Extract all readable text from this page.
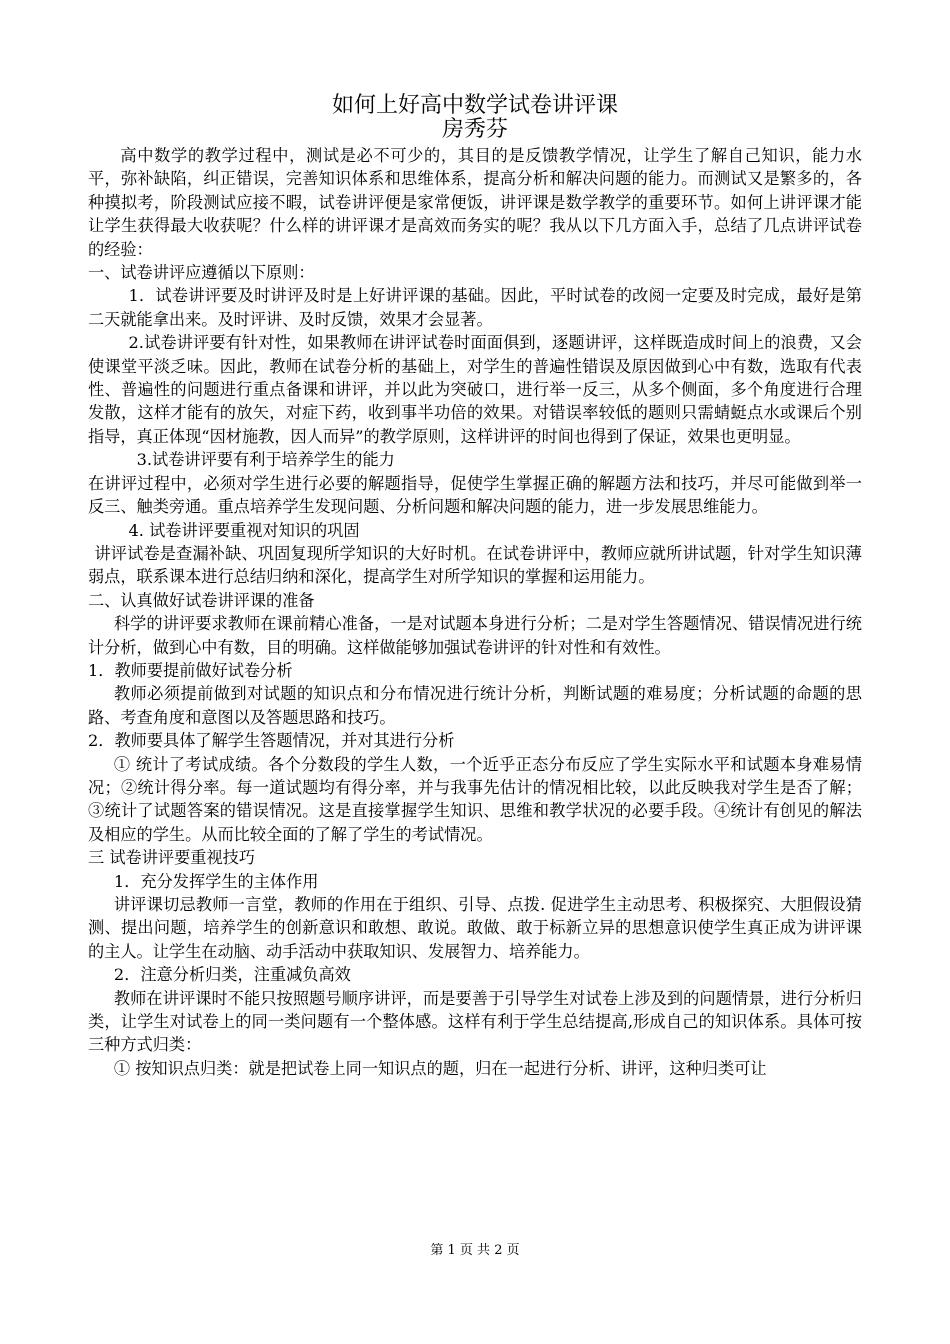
如何上好高中数学试卷讲评课
房秀芬

高中数学的教学过程中，测试是必不可少的，其目的是反馈教学情况，让学生了解自己知识，能力水平，弥补缺陷，纠正错误，完善知识体系和思维体系，提高分析和解决问题的能力。而测试又是繁多的，各种摸拟考，阶段测试应接不暇，试卷讲评便是家常便饭，讲评课是数学教学的重要环节。如何上讲评课才能让学生获得最大收获呢？什么样的讲评课才是高效而务实的呢？我从以下几方面入手，总结了几点讲评试卷的经验：

一、试卷讲评应遵循以下原则：

1．试卷讲评要及时讲评及时是上好讲评课的基础。因此，平时试卷的改阅一定要及时完成，最好是第二天就能拿出来。及时评讲、及时反馈，效果才会显著。

2.试卷讲评要有针对性，如果教师在讲评试卷时面面俱到，逐题讲评，这样既造成时间上的浪费，又会使课堂平淡乏味。因此，教师在试卷分析的基础上，对学生的普遍性错误及原因做到心中有数，选取有代表性、普遍性的问题进行重点备课和讲评，并以此为突破口，进行举一反三，从多个侧面，多个角度进行合理发散，这样才能有的放矢，对症下药，收到事半功倍的效果。对错误率较低的题则只需蜻蜓点水或课后个别指导，真正体现“因材施教，因人而异”的教学原则，这样讲评的时间也得到了保证，效果也更明显。

3.试卷讲评要有利于培养学生的能力

在讲评过程中，必须对学生进行必要的解题指导，促使学生掌握正确的解题方法和技巧，并尽可能做到举一反三、触类旁通。重点培养学生发现问题、分析问题和解决问题的能力，进一步发展思维能力。

4. 试卷讲评要重视对知识的巩固

讲评试卷是查漏补缺、巩固复现所学知识的大好时机。在试卷讲评中，教师应就所讲试题，针对学生知识薄弱点，联系课本进行总结归纳和深化，提高学生对所学知识的掌握和运用能力。

二、认真做好试卷讲评课的准备

科学的讲评要求教师在课前精心准备，一是对试题本身进行分析；二是对学生答题情况、错误情况进行统计分析，做到心中有数，目的明确。这样做能够加强试卷讲评的针对性和有效性。

1．教师要提前做好试卷分析

教师必须提前做到对试题的知识点和分布情况进行统计分析，判断试题的难易度；分析试题的命题的思路、考查角度和意图以及答题思路和技巧。

2．教师要具体了解学生答题情况，并对其进行分析

① 统计了考试成绩。各个分数段的学生人数，一个近乎正态分布反应了学生实际水平和试题本身难易情况；②统计得分率。每一道试题均有得分率，并与我事先估计的情况相比较，以此反映我对学生是否了解；③统计了试题答案的错误情况。这是直接掌握学生知识、思维和教学状况的必要手段。④统计有创见的解法及相应的学生。从而比较全面的了解了学生的考试情况。

三 试卷讲评要重视技巧

1．充分发挥学生的主体作用

讲评课切忌教师一言堂，教师的作用在于组织、引导、点拨. 促进学生主动思考、积极探究、大胆假设猜测、提出问题，培养学生的创新意识和敢想、敢说。敢做、敢于标新立异的思想意识使学生真正成为讲评课的主人。让学生在动脑、动手活动中获取知识、发展智力、培养能力。

2．注意分析归类，注重减负高效

教师在讲评课时不能只按照题号顺序讲评，而是要善于引导学生对试卷上涉及到的问题情景，进行分析归类，让学生对试卷上的同一类问题有一个整体感。这样有利于学生总结提高,形成自己的知识体系。具体可按三种方式归类：

① 按知识点归类：就是把试卷上同一知识点的题，归在一起进行分析、讲评，这种归类可让

第 1 页 共 2 页
